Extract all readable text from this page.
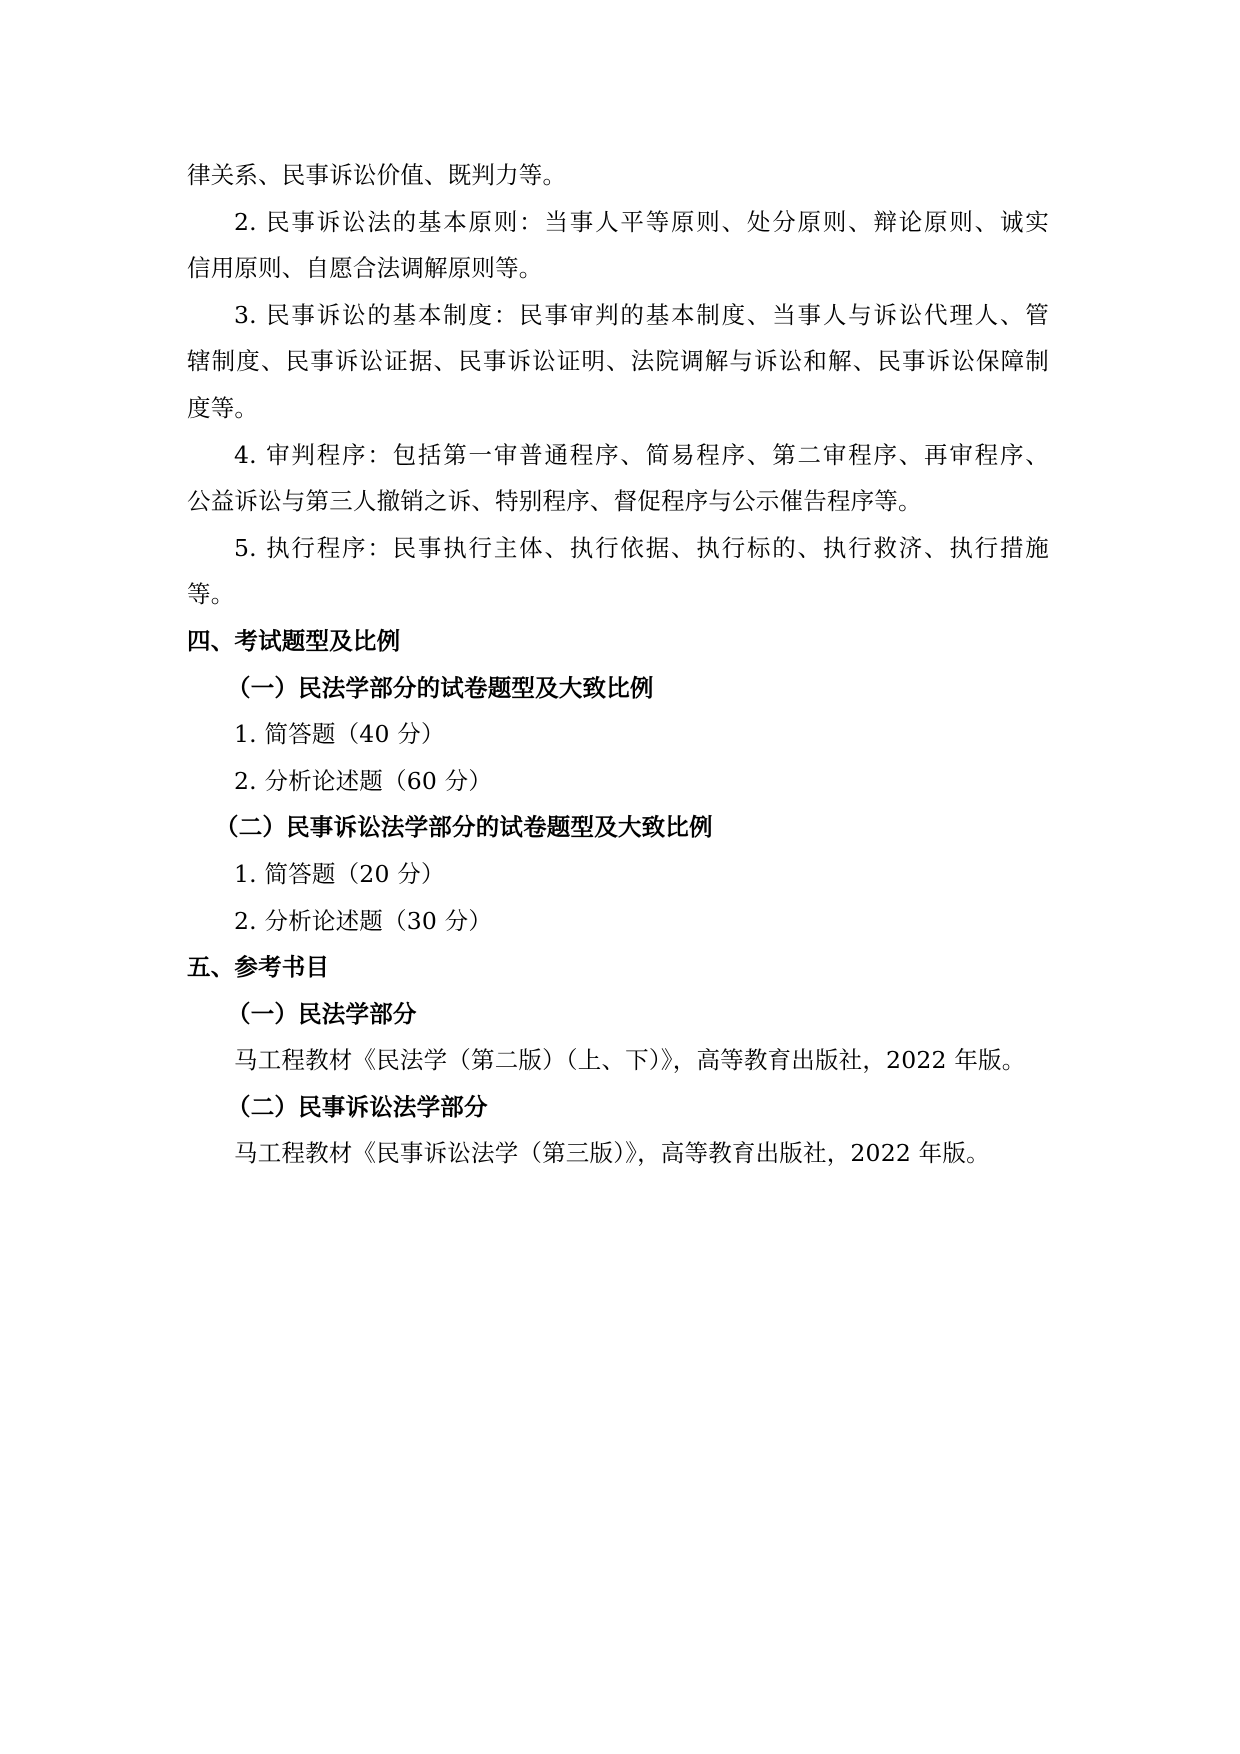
律关系、民事诉讼价值、既判力等。
2. 民事诉讼法的基本原则：当事人平等原则、处分原则、辩论原则、诚实
信用原则、自愿合法调解原则等。
3. 民事诉讼的基本制度：民事审判的基本制度、当事人与诉讼代理人、管
辖制度、民事诉讼证据、民事诉讼证明、法院调解与诉讼和解、民事诉讼保障制
度等。
4. 审判程序：包括第一审普通程序、简易程序、第二审程序、再审程序、
公益诉讼与第三人撤销之诉、特别程序、督促程序与公示催告程序等。
5. 执行程序：民事执行主体、执行依据、执行标的、执行救济、执行措施
等。
四、考试题型及比例
（一）民法学部分的试卷题型及大致比例
1. 简答题（40 分）
2. 分析论述题（60 分）
（二）民事诉讼法学部分的试卷题型及大致比例
1. 简答题（20 分）
2. 分析论述题（30 分）
五、参考书目
（一）民法学部分
马工程教材《民法学（第二版）（上、下）》，高等教育出版社，2022 年版。
（二）民事诉讼法学部分
马工程教材《民事诉讼法学（第三版）》，高等教育出版社，2022 年版。
